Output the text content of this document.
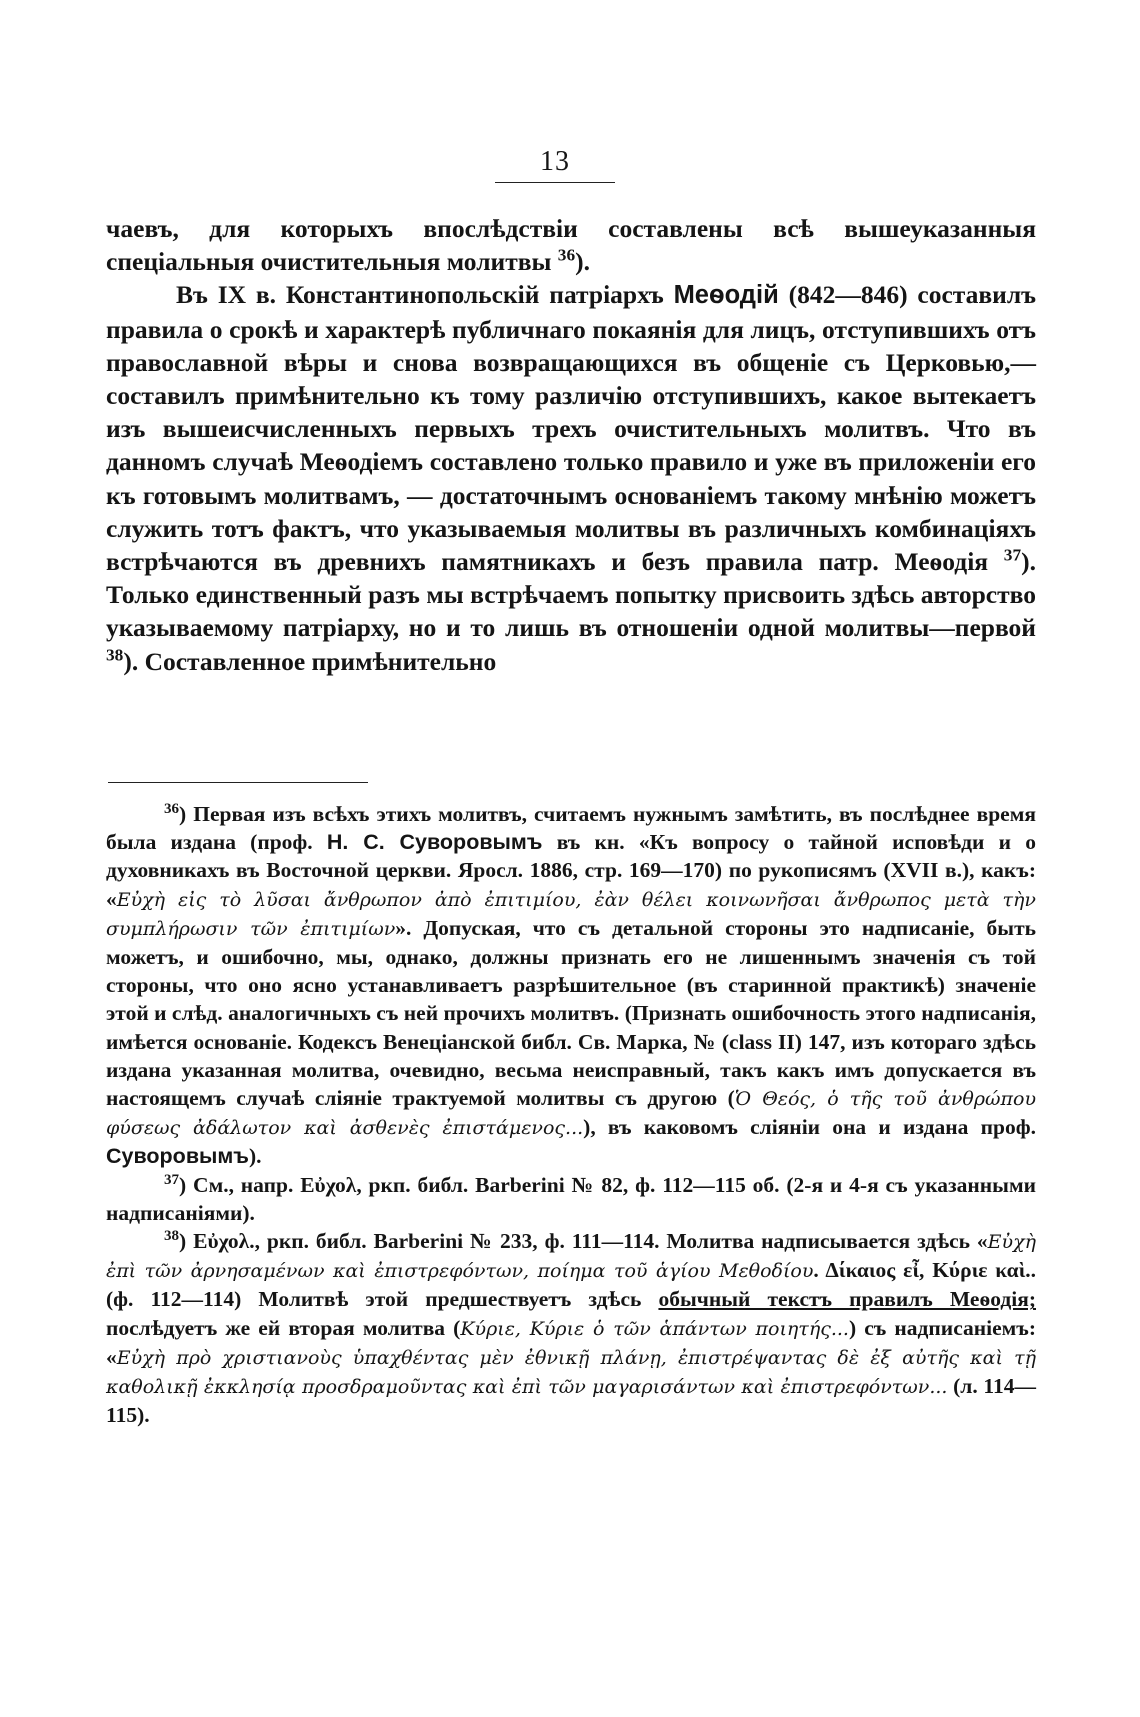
13

чаевъ, для которыхъ впослѣдствіи составлены всѣ вышеуказанныя спеціальныя очистительныя молитвы $^{36}$).

Въ IX в. Константинопольскій патріархъ Меѳодій (842—846) составилъ правила о срокѣ и характерѣ публичнаго покаянія для лицъ, отступившихъ отъ православной вѣры и снова возвращающихся въ общеніе съ Церковью,—составилъ примѣнительно къ тому различію отступившихъ, какое вытекаетъ изъ вышеисчисленныхъ первыхъ трехъ очистительныхъ молитвъ. Что въ данномъ случаѣ Меѳодіемъ составлено только правило и уже въ приложеніи его къ готовымъ молитвамъ, — достаточнымъ основаніемъ такому мнѣнію можетъ служить тотъ фактъ, что указываемыя молитвы въ различныхъ комбинаціяхъ встрѣчаются въ древнихъ памятникахъ и безъ правила патр. Меѳодія $^{37}$). Только единственный разъ мы встрѣчаемъ попытку присвоить здѣсь авторство указываемому патріарху, но и то лишь въ отношеніи одной молитвы—первой $^{38}$). Составленное примѣнительно

$^{36}$) Первая изъ всѣхъ этихъ молитвъ, считаемъ нужнымъ замѣтить, въ послѣднее время была издана (проф. Н. С. Суворовымъ въ кн. «Къ вопросу о тайной исповѣди и о духовникахъ въ Восточной церкви. Яросл. 1886, стр. 169—170) по рукописямъ (XVII в.), какъ: «Εὐχὴ εἰς τὸ λῦσαι ἄνθρωπον ἀπὸ ἐπιτιμίου, ἐὰν θέλει κοινωνῆσαι ἄνθρωπος μετὰ τὴν συμπλήρωσιν τῶν ἐπιτιμίων». Допуская, что съ детальной стороны это надписаніе, быть можетъ, и ошибочно, мы, однако, должны признать его не лишеннымъ значенія съ той стороны, что оно ясно устанавливаетъ разрѣшительное (въ старинной практикѣ) значеніе этой и слѣд. аналогичныхъ съ ней прочихъ молитвъ. (Признать ошибочность этого надписанія, имѣется основаніе. Кодексъ Венеціанской библ. Св. Марка, № (class II) 147, изъ котораго здѣсь издана указанная молитва, очевидно, весьма неисправный, такъ какъ имъ допускается въ настоящемъ случаѣ сліяніе трактуемой молитвы съ другою (Ὁ Θεός, ὁ τῆς τοῦ ἀνθρώπου φύσεως ἀδάλωτον καὶ ἀσθενὲς ἐπιστάμενος...), въ каковомъ сліяніи она и издана проф. Суворовымъ).

$^{37}$) См., напр. Εὐχολ, ркп. библ. Barberini № 82, ф. 112—115 об. (2-я и 4-я съ указанными надписаніями).

$^{38}$) Εὐχολ., ркп. библ. Barberini № 233, ф. 111—114. Молитва надписывается здѣсь «Εὐχὴ ἐπὶ τῶν ἀρνησαμένων καὶ ἐπιστρεφόντων, ποίημα τοῦ ἁγίου Μεθοδίου. Δίκαιος εἶ, Κύριε καὶ.. (ф. 112—114) Молитвѣ этой предшествуетъ здѣсь обычный текстъ правилъ Меѳодія; послѣдуетъ же ей вторая молитва (Κύριε, Κύριε ὁ τῶν ἁπάντων ποιητής...) съ надписаніемъ: «Εὐχὴ πρὸ χριστιανοὺς ὑπαχθέντας μὲν ἐθνικῇ πλάνῃ, ἐπιστρέψαντας δὲ ἐξ αὐτῆς καὶ τῇ καθολικῇ ἐκκλησίᾳ προσδραμοῦντας καὶ ἐπὶ τῶν μαγαρισάντων καὶ ἐπιστρεφόντων... (л. 114—115).
